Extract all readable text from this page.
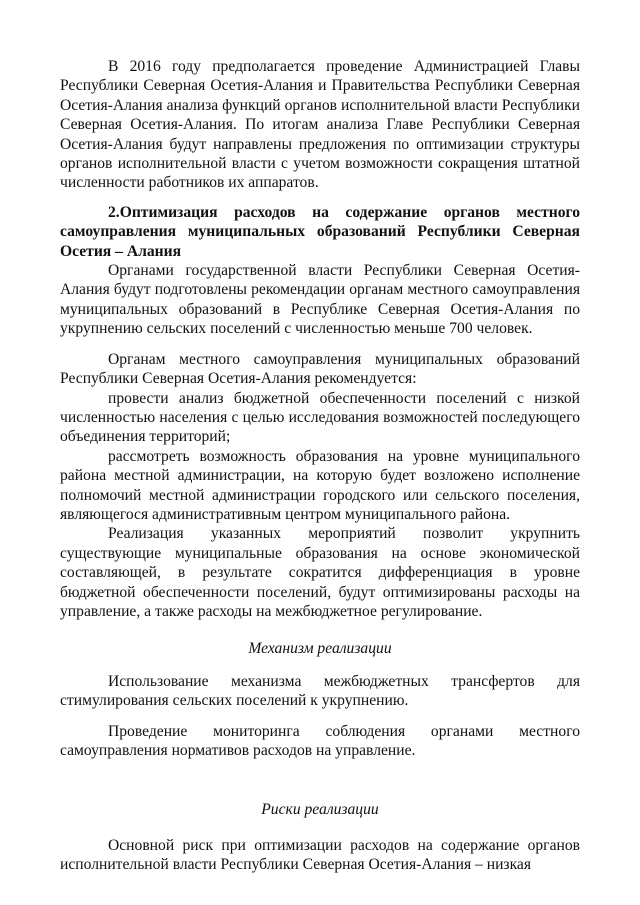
В 2016 году предполагается проведение Администрацией Главы Республики Северная Осетия-Алания и Правительства Республики Северная Осетия-Алания анализа функций органов исполнительной власти Республики Северная Осетия-Алания. По итогам анализа Главе Республики Северная Осетия-Алания будут направлены предложения по оптимизации структуры органов исполнительной власти с учетом возможности сокращения штатной численности работников их аппаратов.

2.Оптимизация расходов на содержание органов местного самоуправления муниципальных образований Республики Северная Осетия – Алания

Органами государственной власти Республики Северная Осетия-Алания будут подготовлены рекомендации органам местного самоуправления муниципальных образований в Республике Северная Осетия-Алания по укрупнению сельских поселений с численностью меньше 700 человек.

Органам местного самоуправления муниципальных образований Республики Северная Осетия-Алания рекомендуется:

провести анализ бюджетной обеспеченности поселений с низкой численностью населения с целью исследования возможностей последующего объединения территорий;

рассмотреть возможность образования на уровне муниципального района местной администрации, на которую будет возложено исполнение полномочий местной администрации городского или сельского поселения, являющегося административным центром муниципального района.

Реализация указанных мероприятий позволит укрупнить существующие муниципальные образования на основе экономической составляющей, в результате сократится дифференциация в уровне бюджетной обеспеченности поселений, будут оптимизированы расходы на управление, а также расходы на межбюджетное регулирование.

Механизм реализации

Использование механизма межбюджетных трансфертов для стимулирования сельских поселений к укрупнению.

Проведение мониторинга соблюдения органами местного самоуправления нормативов расходов на управление.

Риски реализации

Основной риск при оптимизации расходов на содержание органов исполнительной власти Республики Северная Осетия-Алания – низкая
